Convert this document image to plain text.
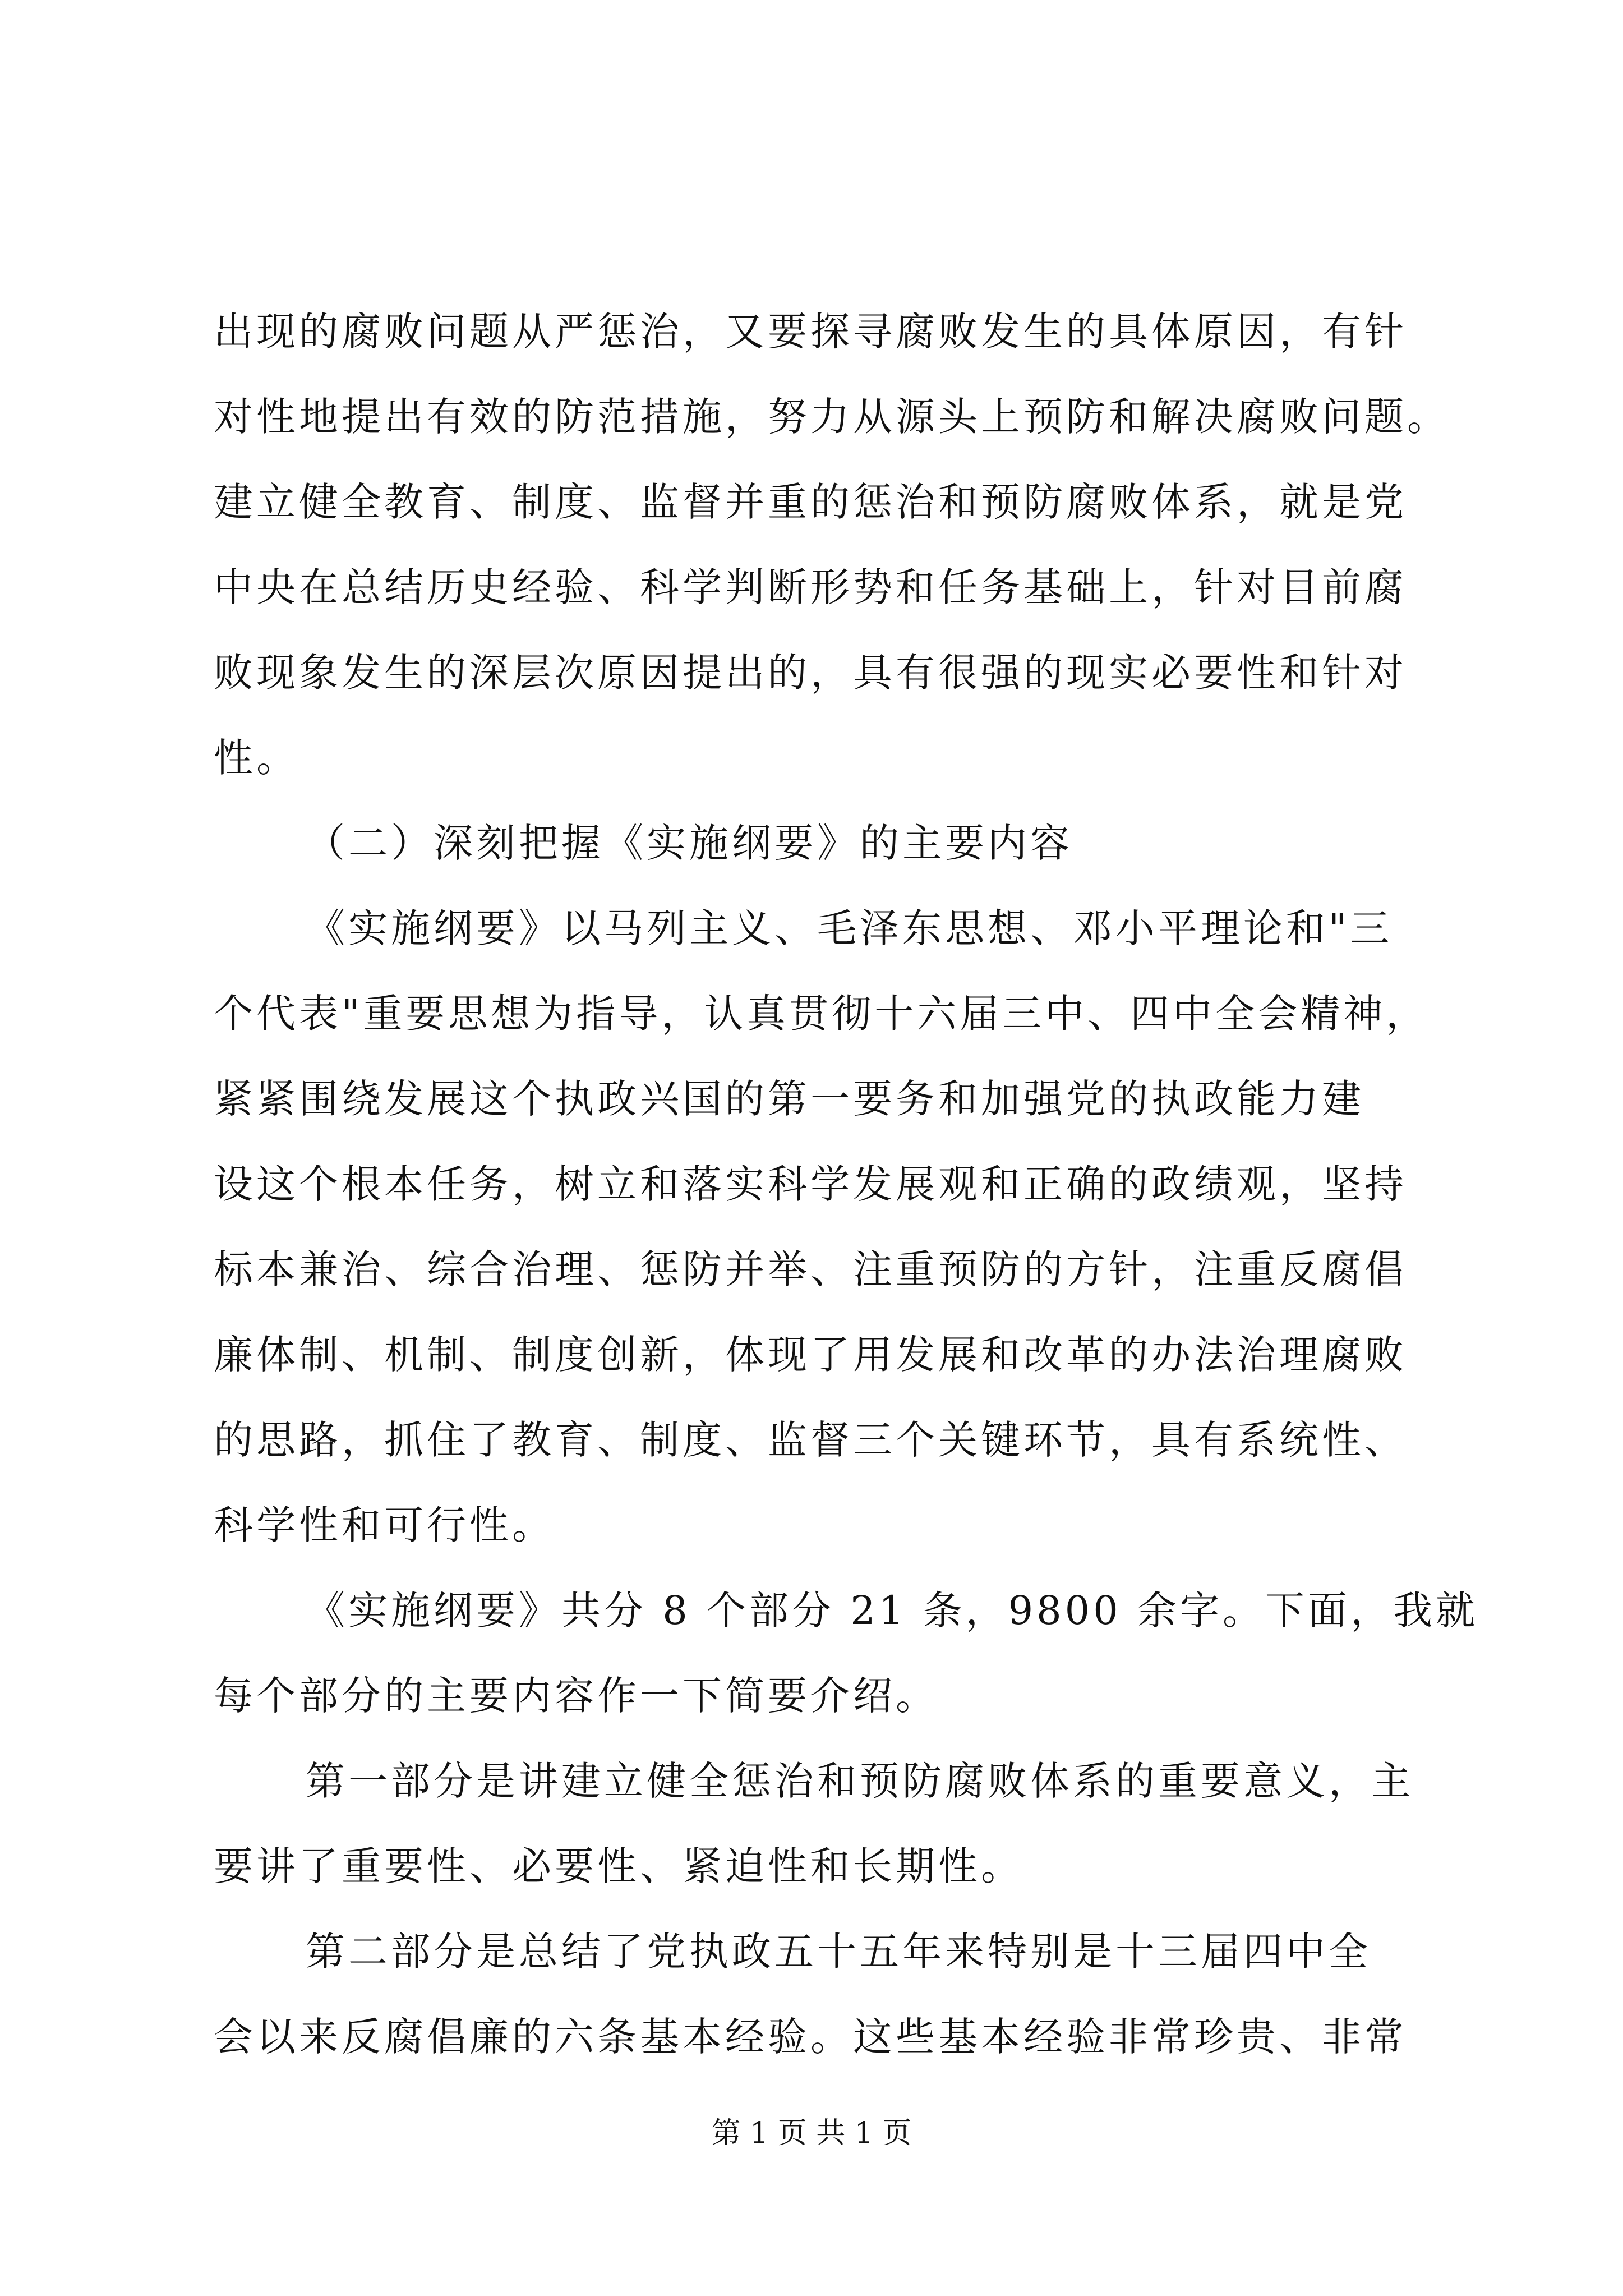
出现的腐败问题从严惩治，又要探寻腐败发生的具体原因，有针
对性地提出有效的防范措施，努力从源头上预防和解决腐败问题。
建立健全教育、制度、监督并重的惩治和预防腐败体系，就是党
中央在总结历史经验、科学判断形势和任务基础上，针对目前腐
败现象发生的深层次原因提出的，具有很强的现实必要性和针对
性。
（二）深刻把握《实施纲要》的主要内容
《实施纲要》以马列主义、毛泽东思想、邓小平理论和"三
个代表"重要思想为指导，认真贯彻十六届三中、四中全会精神，
紧紧围绕发展这个执政兴国的第一要务和加强党的执政能力建
设这个根本任务，树立和落实科学发展观和正确的政绩观，坚持
标本兼治、综合治理、惩防并举、注重预防的方针，注重反腐倡
廉体制、机制、制度创新，体现了用发展和改革的办法治理腐败
的思路，抓住了教育、制度、监督三个关键环节，具有系统性、
科学性和可行性。
《实施纲要》共分 8 个部分 21 条，9800 余字。下面，我就
每个部分的主要内容作一下简要介绍。
第一部分是讲建立健全惩治和预防腐败体系的重要意义，主
要讲了重要性、必要性、紧迫性和长期性。
第二部分是总结了党执政五十五年来特别是十三届四中全
会以来反腐倡廉的六条基本经验。这些基本经验非常珍贵、非常
第 1 页 共 1 页
